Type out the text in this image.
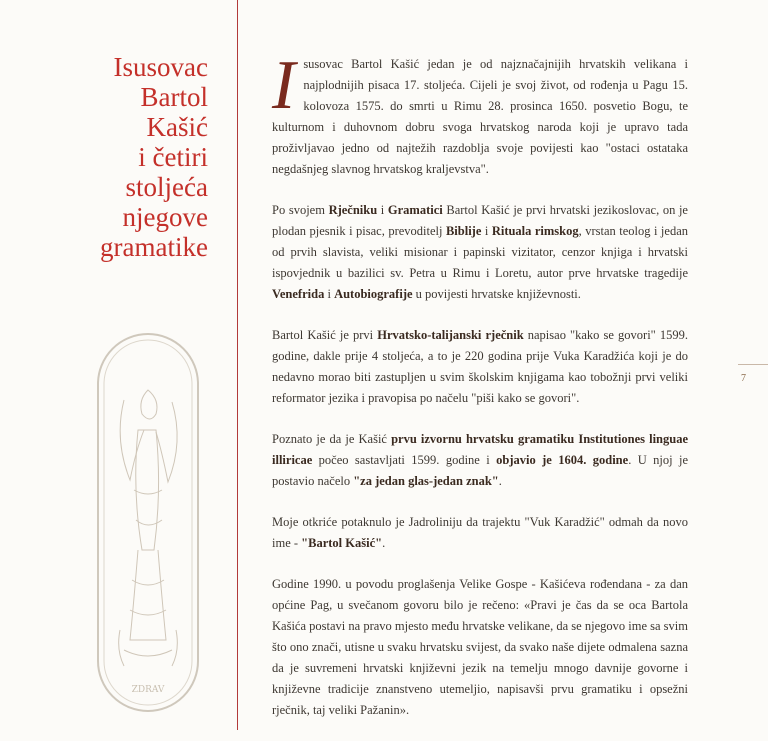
Isusovac
Bartol
Kašić
i četiri
stoljeća
njegove
gramatike
ZDRAV
7

Isusovac Bartol Kašić jedan je od najznačajnijih hrvatskih velikana i najplodnijih pisaca 17. stoljeća. Cijeli je svoj život, od rođenja u Pagu 15. kolovoza 1575. do smrti u Rimu 28. prosinca 1650. posvetio Bogu, te kulturnom i duhovnom dobru svoga hrvatskog naroda koji je upravo tada proživljavao jedno od najtežih razdoblja svoje povijesti kao "ostaci ostataka negdašnjeg slavnog hrvatskog kraljevstva".

Po svojem Rječniku i Gramatici Bartol Kašić je prvi hrvatski jezikoslovac, on je plodan pjesnik i pisac, prevoditelj Biblije i Rituala rimskog, vrstan teolog i jedan od prvih slavista, veliki misionar i papinski vizitator, cenzor knjiga i hrvatski ispovjednik u bazilici sv. Petra u Rimu i Loretu, autor prve hrvatske tragedije Venefrida i Autobiografije u povijesti hrvatske književnosti.

Bartol Kašić je prvi Hrvatsko-talijanski rječnik napisao "kako se govori" 1599. godine, dakle prije 4 stoljeća, a to je 220 godina prije Vuka Karadžića koji je do nedavno morao biti zastupljen u svim školskim knjigama kao tobožnji prvi veliki reformator jezika i pravopisa po načelu "piši kako se govori".

Poznato je da je Kašić prvu izvornu hrvatsku gramatiku Institutiones linguae illiricae počeo sastavljati 1599. godine i objavio je 1604. godine. U njoj je postavio načelo "za jedan glas-jedan znak".

Moje otkriće potaknulo je Jadroliniju da trajektu "Vuk Karadžić" odmah da novo ime - "Bartol Kašić".

Godine 1990. u povodu proglašenja Velike Gospe - Kašićeva rođendana - za dan općine Pag, u svečanom govoru bilo je rečeno: «Pravi je čas da se oca Bartola Kašića postavi na pravo mjesto među hrvatske velikane, da se njegovo ime sa svim što ono znači, utisne u svaku hrvatsku svijest, da svako naše dijete odmalena sazna da je suvremeni hrvatski književni jezik na temelju mnogo davnije govorne i književne tradicije znanstveno utemeljio, napisavši prvu gramatiku i opsežni rječnik, taj veliki Pažanin».
